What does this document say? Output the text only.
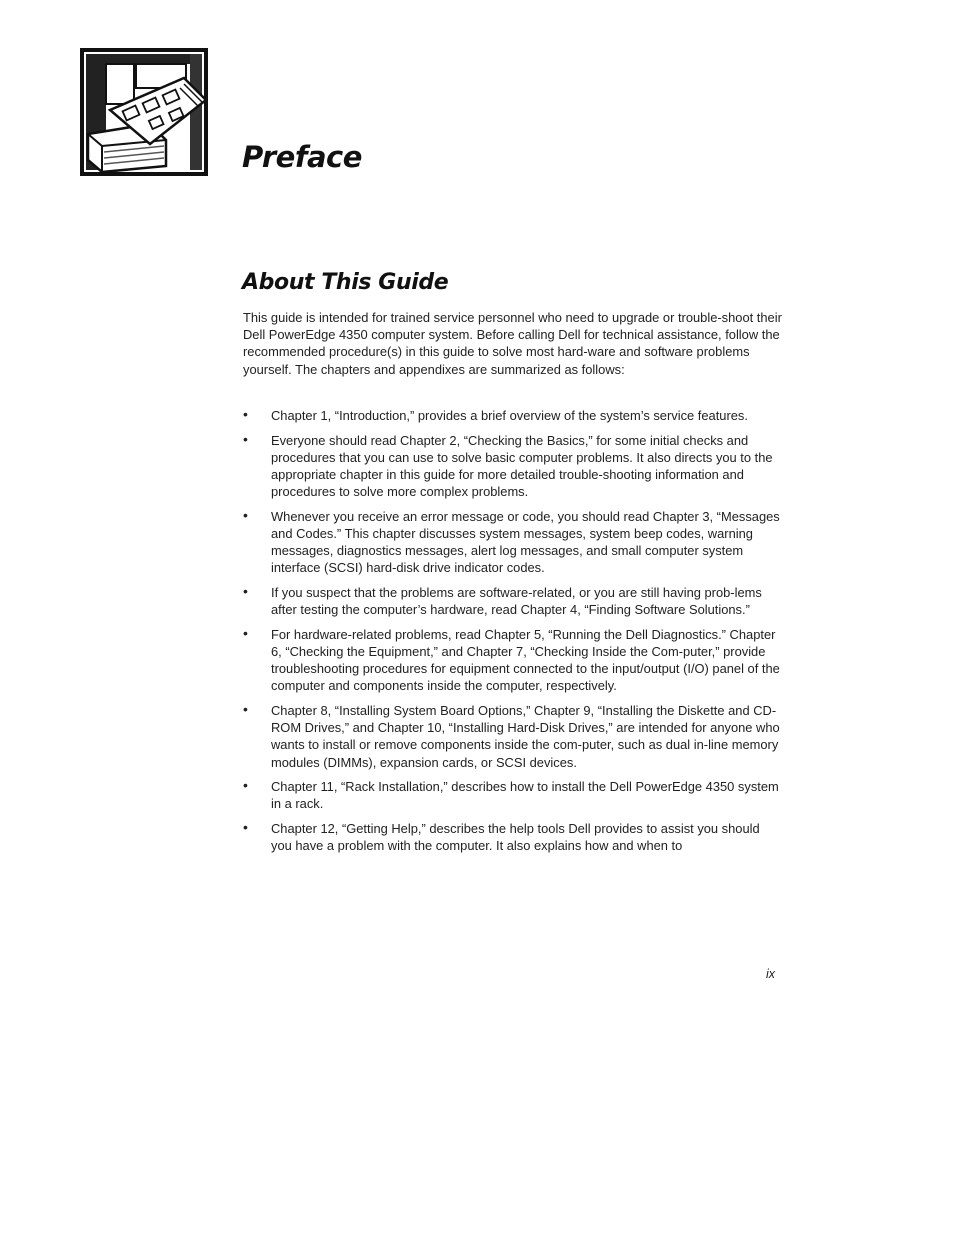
Preface
About This Guide

This guide is intended for trained service personnel who need to upgrade or trouble-shoot their Dell PowerEdge 4350 computer system. Before calling Dell for technical assistance, follow the recommended procedure(s) in this guide to solve most hard-ware and software problems yourself. The chapters and appendixes are summarized as follows:

• Chapter 1, “Introduction,” provides a brief overview of the system’s service features.
• Everyone should read Chapter 2, “Checking the Basics,” for some initial checks and procedures that you can use to solve basic computer problems. It also directs you to the appropriate chapter in this guide for more detailed trouble-shooting information and procedures to solve more complex problems.
• Whenever you receive an error message or code, you should read Chapter 3, “Messages and Codes.” This chapter discusses system messages, system beep codes, warning messages, diagnostics messages, alert log messages, and small computer system interface (SCSI) hard-disk drive indicator codes.
• If you suspect that the problems are software-related, or you are still having prob-lems after testing the computer’s hardware, read Chapter 4, “Finding Software Solutions.”
• For hardware-related problems, read Chapter 5, “Running the Dell Diagnostics.” Chapter 6, “Checking the Equipment,” and Chapter 7, “Checking Inside the Com-puter,” provide troubleshooting procedures for equipment connected to the input/output (I/O) panel of the computer and components inside the computer, respectively.
• Chapter 8, “Installing System Board Options,” Chapter 9, “Installing the Diskette and CD-ROM Drives,” and Chapter 10, “Installing Hard-Disk Drives,” are intended for anyone who wants to install or remove components inside the com-puter, such as dual in-line memory modules (DIMMs), expansion cards, or SCSI devices.
• Chapter 11, “Rack Installation,” describes how to install the Dell PowerEdge 4350 system in a rack.
• Chapter 12, “Getting Help,” describes the help tools Dell provides to assist you should you have a problem with the computer. It also explains how and when to

ix
